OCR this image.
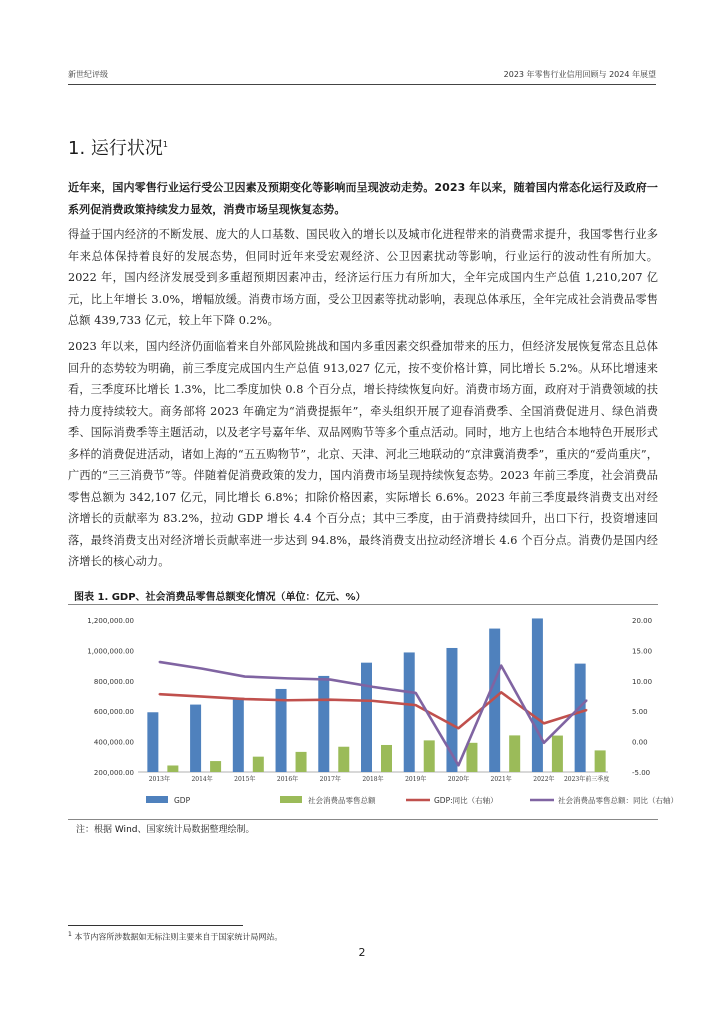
新世纪评级	2023 年零售行业信用回顾与 2024 年展望
1. 运行状况$^1$
近年来，国内零售行业运行受公卫因素及预期变化等影响而呈现波动走势。2023 年以来，随着国内常态化运行及政府一系列促消费政策持续发力显效，消费市场呈现恢复态势。
得益于国内经济的不断发展、庞大的人口基数、国民收入的增长以及城市化进程带来的消费需求提升，我国零售行业多年来总体保持着良好的发展态势，但同时近年来受宏观经济、公卫因素扰动等影响，行业运行的波动性有所加大。2022 年，国内经济发展受到多重超预期因素冲击，经济运行压力有所加大，全年完成国内生产总值 1,210,207 亿元，比上年增长 3.0%，增幅放缓。消费市场方面，受公卫因素等扰动影响，表现总体承压，全年完成社会消费品零售总额 439,733 亿元，较上年下降 0.2%。
2023 年以来，国内经济仍面临着来自外部风险挑战和国内多重因素交织叠加带来的压力，但经济发展恢复常态且总体回升的态势较为明确，前三季度完成国内生产总值 913,027 亿元，按不变价格计算，同比增长 5.2%。从环比增速来看，三季度环比增长 1.3%，比二季度加快 0.8 个百分点，增长持续恢复向好。消费市场方面，政府对于消费领域的扶持力度持续较大。商务部将 2023 年确定为“消费提振年”，牵头组织开展了迎春消费季、全国消费促进月、绿色消费季、国际消费季等主题活动，以及老字号嘉年华、双品网购节等多个重点活动。同时，地方上也结合本地特色开展形式多样的消费促进活动，诸如上海的“五五购物节”，北京、天津、河北三地联动的“京津冀消费季”，重庆的“爱尚重庆”，广西的“三三消费节”等。伴随着促消费政策的发力，国内消费市场呈现持续恢复态势。2023 年前三季度，社会消费品零售总额为 342,107 亿元，同比增长 6.8%；扣除价格因素，实际增长 6.6%。2023 年前三季度最终消费支出对经济增长的贡献率为 83.2%，拉动 GDP 增长 4.4 个百分点；其中三季度，由于消费持续回升，出口下行，投资增速回落，最终消费支出对经济增长贡献率进一步达到 94.8%，最终消费支出拉动经济增长 4.6 个百分点。消费仍是国内经济增长的核心动力。
图表 1. GDP、社会消费品零售总额变化情况（单位：亿元、%）
200,000.00
400,000.00
600,000.00
800,000.00
1,000,000.00
1,200,000.00
-5.00
0.00
5.00
10.00
15.00
20.00
2013年	2014年	2015年	2016年	2017年	2018年	2019年	2020年	2021年	2022年 2023年前三季度
GDP	社会消费品零售总额	GDP:同比（右轴）	社会消费品零售总额：同比（右轴）
注：根据 Wind、国家统计局数据整理绘制。
$^1$ 本节内容所涉数据如无标注则主要来自于国家统计局网站。
2
